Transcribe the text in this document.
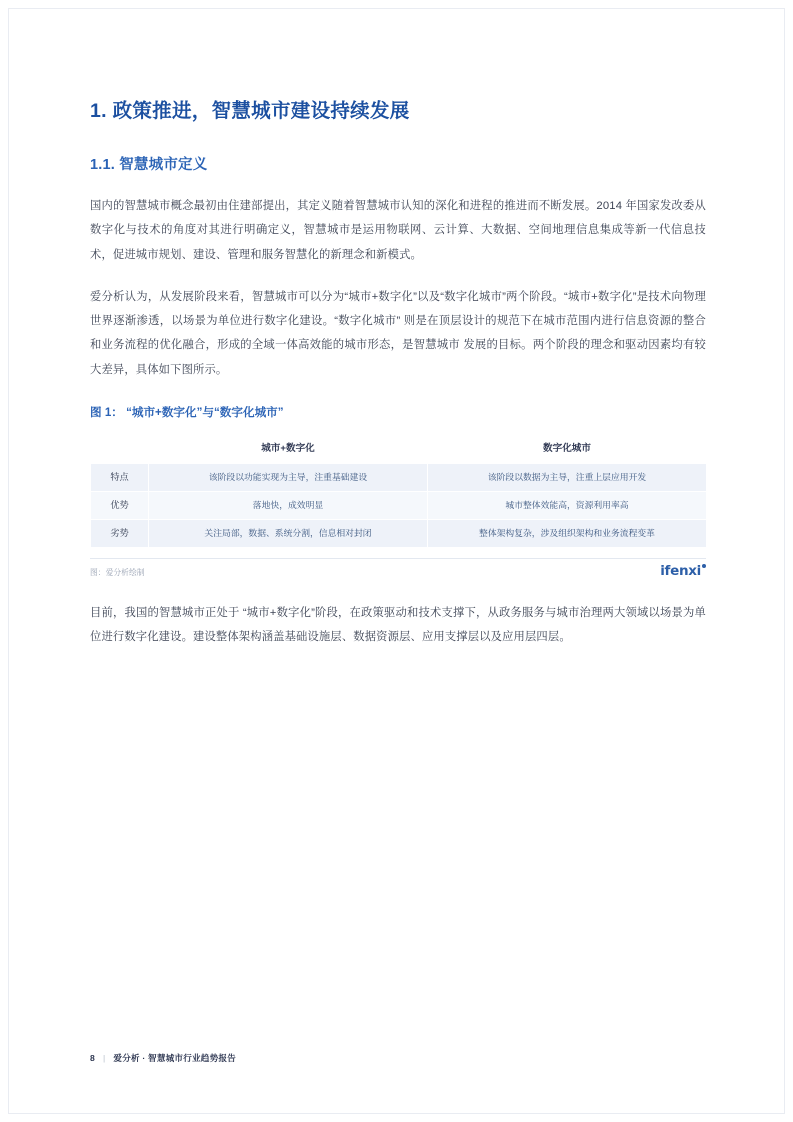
1. 政策推进，智慧城市建设持续发展
1.1. 智慧城市定义

国内的智慧城市概念最初由住建部提出，其定义随着智慧城市认知的深化和进程的推进而不断发展。2014 年国家发改委从数字化与技术的角度对其进行明确定义，智慧城市是运用物联网、云计算、大数据、空间地理信息集成等新一代信息技术，促进城市规划、建设、管理和服务智慧化的新理念和新模式。

爱分析认为，从发展阶段来看，智慧城市可以分为“城市+数字化”以及“数字化城市”两个阶段。“城市+数字化”是技术向物理世界逐渐渗透，以场景为单位进行数字化建设。“数字化城市” 则是在顶层设计的规范下在城市范围内进行信息资源的整合和业务流程的优化融合，形成的全域一体高效能的城市形态，是智慧城市 发展的目标。两个阶段的理念和驱动因素均有较大差异，具体如下图所示。

图 1： “城市+数字化”与“数字化城市”
	城市+数字化	数字化城市
特点	该阶段以功能实现为主导，注重基础建设	该阶段以数据为主导，注重上层应用开发
优势	落地快，成效明显	城市整体效能高，资源利用率高
劣势	关注局部，数据、系统分割，信息相对封闭	整体架构复杂，涉及组织架构和业务流程变革
图：爱分析绘制	ifenxi

目前，我国的智慧城市正处于 “城市+数字化”阶段，在政策驱动和技术支撑下，从政务服务与城市治理两大领域以场景为单位进行数字化建设。建设整体架构涵盖基础设施层、数据资源层、应用支撑层以及应用层四层。

8 | 爱分析 · 智慧城市行业趋势报告
